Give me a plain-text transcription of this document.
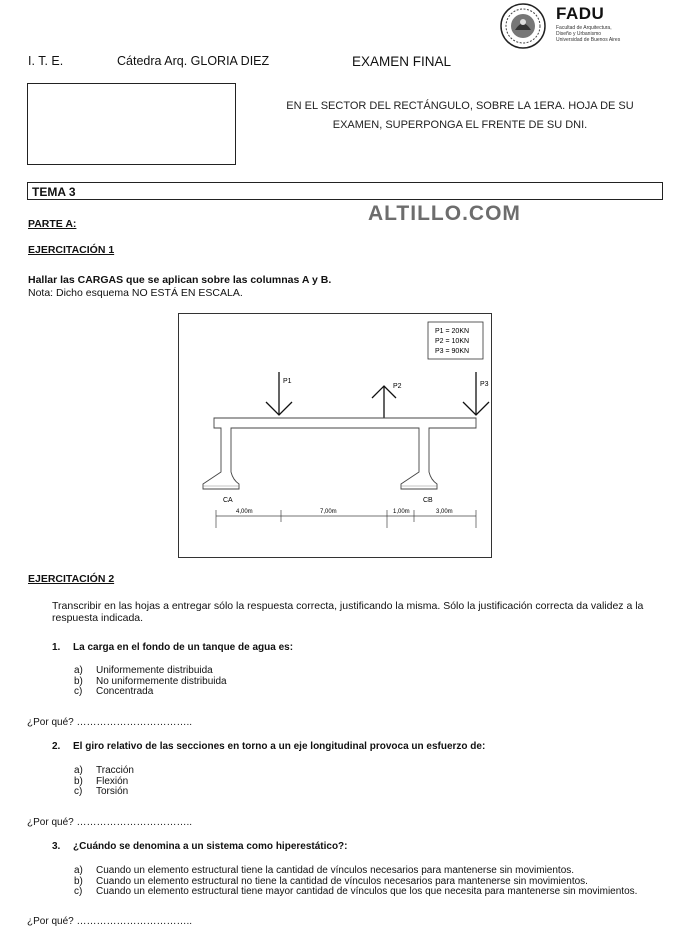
FADU
Facultad de Arquitectura,
Diseño y Urbanismo
Universidad de Buenos Aires
I. T. E.	Cátedra Arq. GLORIA DIEZ	EXAMEN FINAL
EN EL SECTOR DEL RECTÁNGULO, SOBRE LA 1ERA. HOJA DE SU
EXAMEN, SUPERPONGA EL FRENTE DE SU DNI.
TEMA 3
PARTE A:	ALTILLO.COM
EJERCITACIÓN 1
Hallar las CARGAS que se aplican sobre las columnas A y B.
Nota: Dicho esquema NO ESTÁ EN ESCALA.
P1 = 20KN
P2 = 10KN
P3 = 90KN
P1
P2	P3
CA	CB
4,00m	7,00m	1,00m	3,00m
EJERCITACIÓN 2
Transcribir en las hojas a entregar sólo la respuesta correcta, justificando la misma. Sólo la justificación correcta da validez a la respuesta indicada.
1. La carga en el fondo de un tanque de agua es:
a) Uniformemente distribuida
b) No uniformemente distribuida
c) Concentrada
¿Por qué? ……………………………..
2. El giro relativo de las secciones en torno a un eje longitudinal provoca un esfuerzo de:
a) Tracción
b) Flexión
c) Torsión
¿Por qué? ……………………………..
3. ¿Cuándo se denomina a un sistema como hiperestático?:
a)	Cuando un elemento estructural tiene la cantidad de vínculos necesarios para mantenerse sin movimientos.
b)	Cuando un elemento estructural no tiene la cantidad de vínculos necesarios para mantenerse sin movimientos.
c)	Cuando un elemento estructural tiene mayor cantidad de vínculos que los que necesita para mantenerse sin movimientos.
¿Por qué? ……………………………..
